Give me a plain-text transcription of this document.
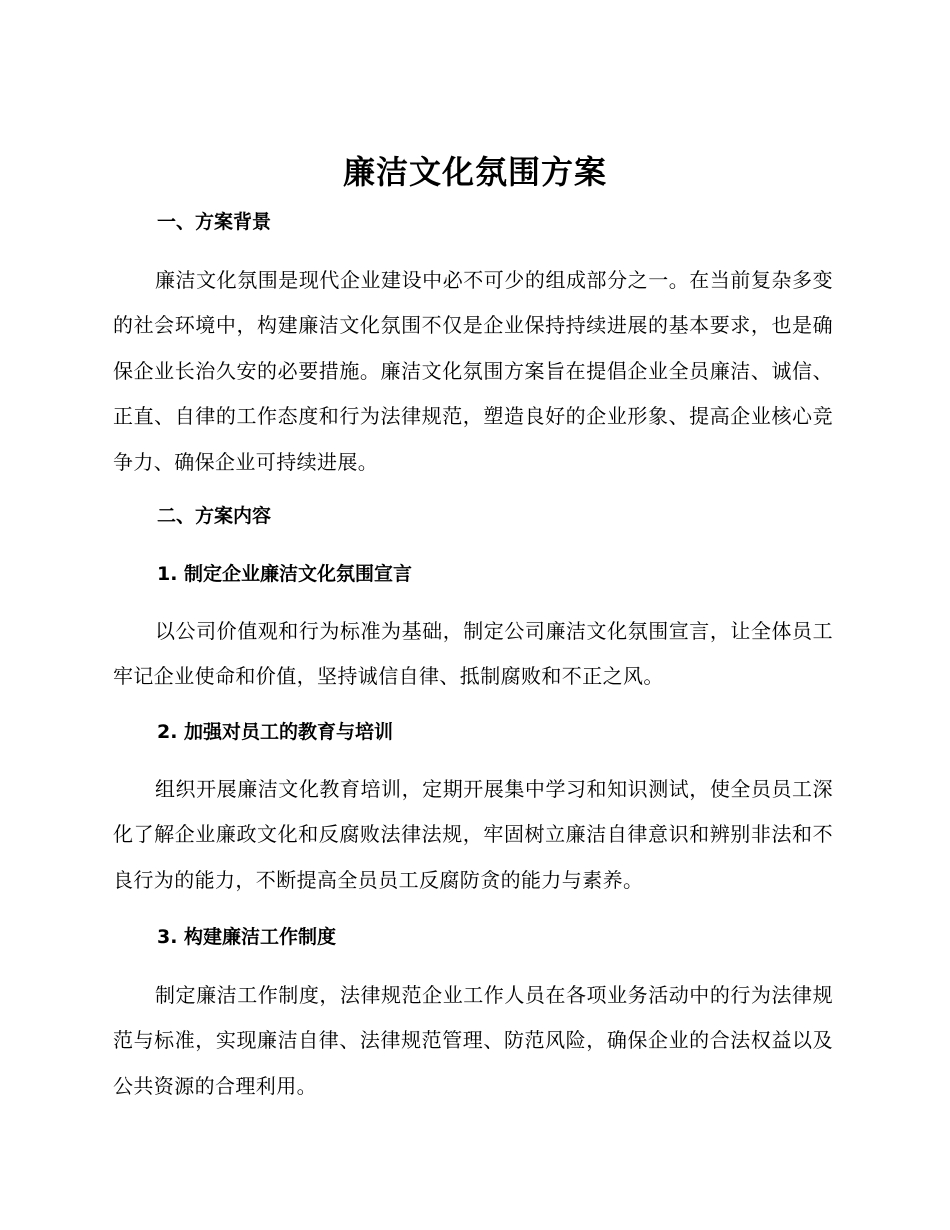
廉洁文化氛围方案
一、方案背景

廉洁文化氛围是现代企业建设中必不可少的组成部分之一。在当前复杂多变的社会环境中，构建廉洁文化氛围不仅是企业保持持续进展的基本要求，也是确保企业长治久安的必要措施。廉洁文化氛围方案旨在提倡企业全员廉洁、诚信、正直、自律的工作态度和行为法律规范，塑造良好的企业形象、提高企业核心竞争力、确保企业可持续进展。

二、方案内容
1. 制定企业廉洁文化氛围宣言

以公司价值观和行为标准为基础，制定公司廉洁文化氛围宣言，让全体员工牢记企业使命和价值，坚持诚信自律、抵制腐败和不正之风。

2. 加强对员工的教育与培训

组织开展廉洁文化教育培训，定期开展集中学习和知识测试，使全员员工深化了解企业廉政文化和反腐败法律法规，牢固树立廉洁自律意识和辨别非法和不良行为的能力，不断提高全员员工反腐防贪的能力与素养。

3. 构建廉洁工作制度

制定廉洁工作制度，法律规范企业工作人员在各项业务活动中的行为法律规范与标准，实现廉洁自律、法律规范管理、防范风险，确保企业的合法权益以及公共资源的合理利用。
